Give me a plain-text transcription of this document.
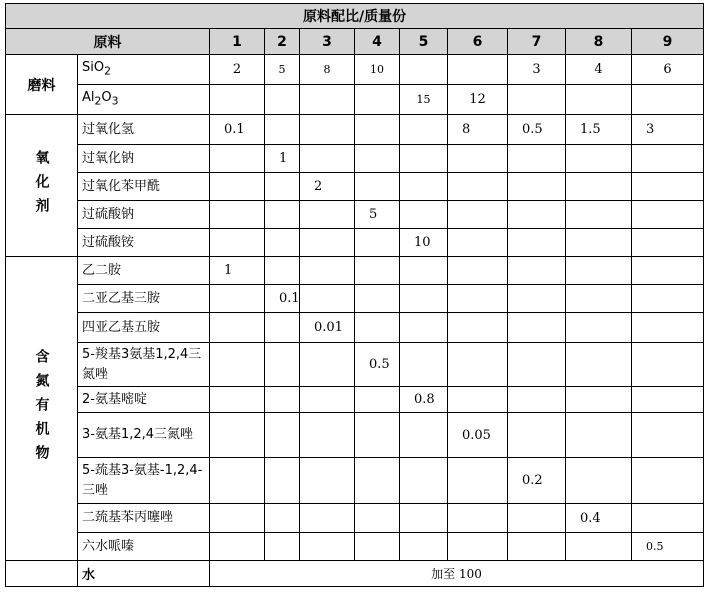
原料配比/质量份										
原料		1	2	3	4	5	6	7	8	9

磨料	SiO$_2$	2	5	8	10			3	4	6
	$Al_2O_3$					15	12			

氧化剂	过氧化氢	0.1					8	0.5	1.5	3
	过氧化钠		1							
	过氧化苯甲酰			2						
	过硫酸钠				5					
	过硫酸铵					10				

含氮有机物	乙二胺	1								
	二亚乙基三胺		0.1							
	四亚乙基五胺			0.01						
	5-羧基3氨基1,2,4三氮唑				0.5					
	2-氨基嘧啶					0.8				
	3-氨基1,2,4三氮唑						0.05			
	5-巯基3-氨基-1,2,4-三唑							0.2		
	二巯基苯丙噻唑								0.4	
	六水哌嗪									0.5
	水	加至 100								
